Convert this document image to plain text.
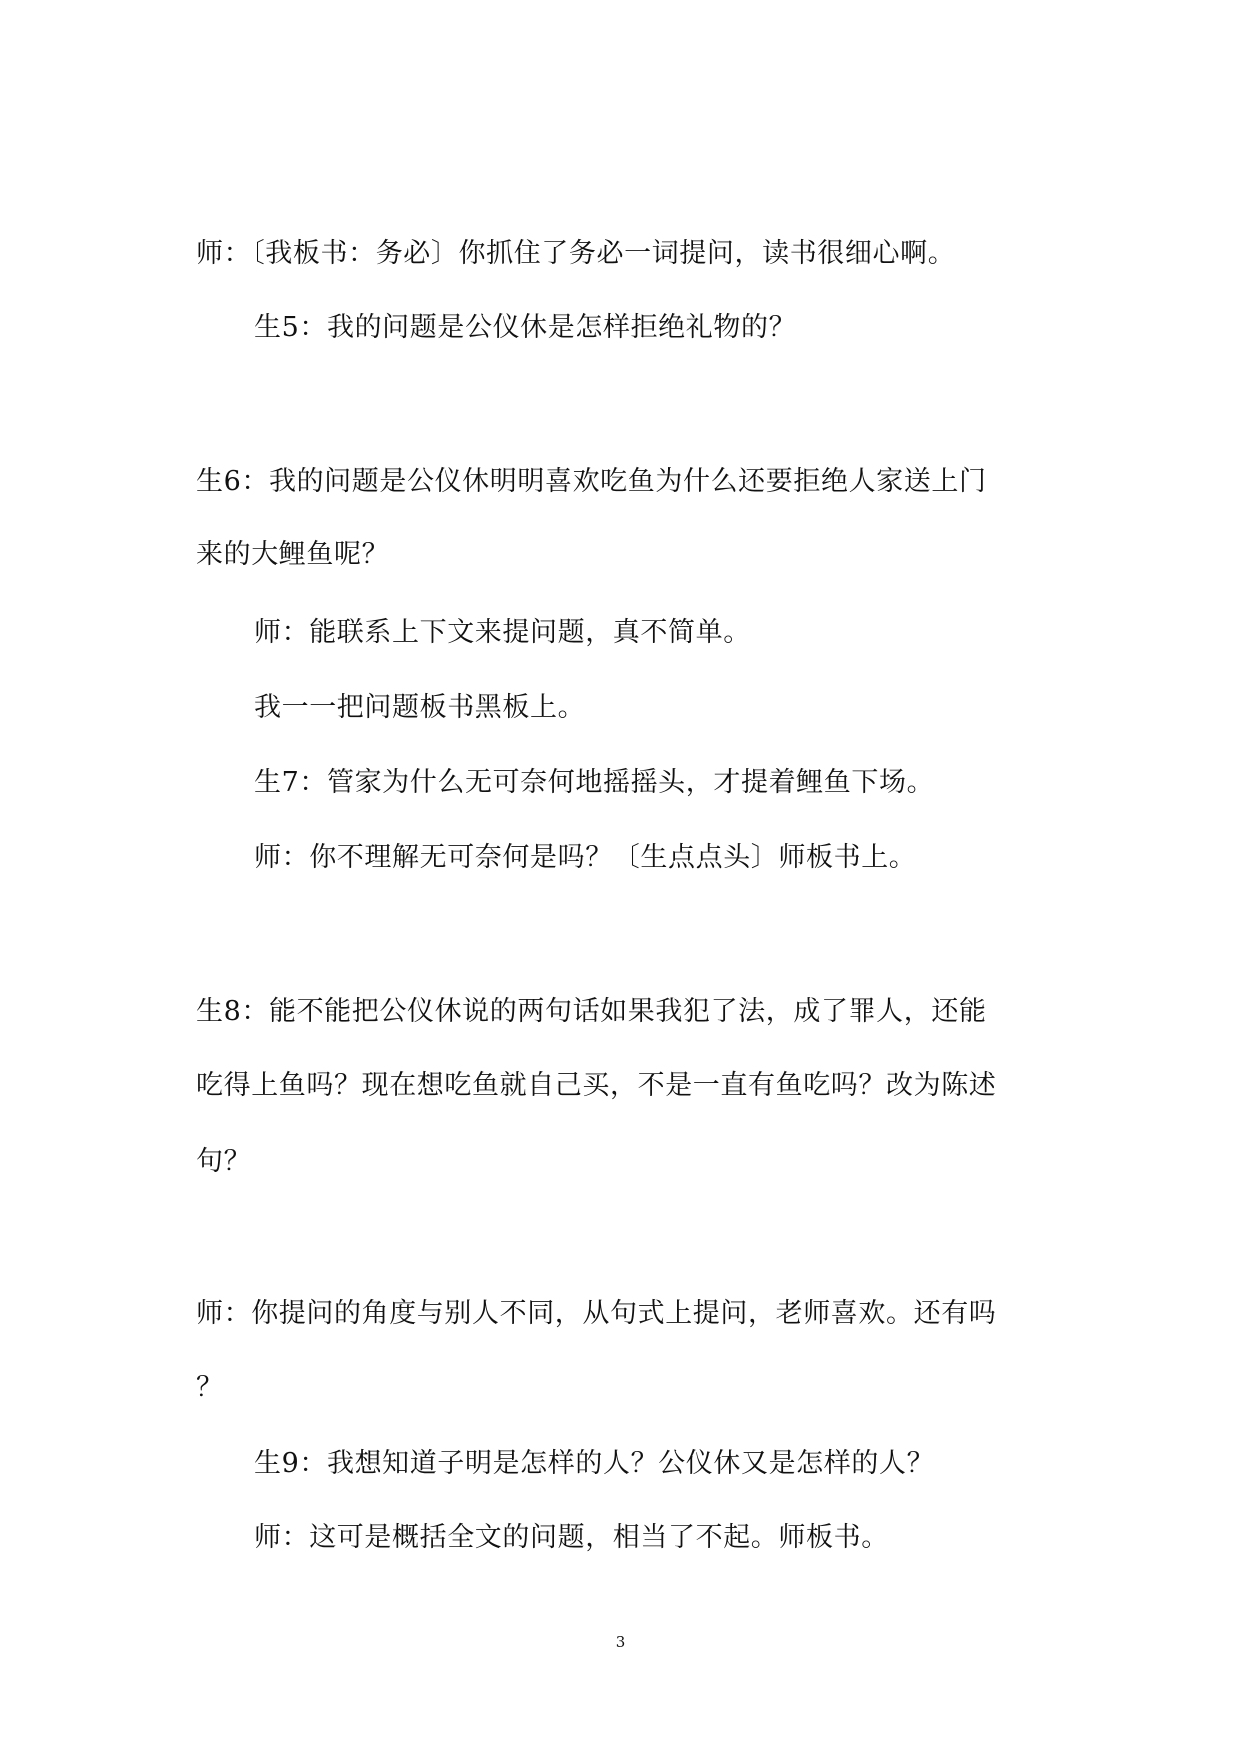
师：〔我板书：务必〕你抓住了务必一词提问，读书很细心啊。
生5：我的问题是公仪休是怎样拒绝礼物的？
生6：我的问题是公仪休明明喜欢吃鱼为什么还要拒绝人家送上门
来的大鲤鱼呢？
师：能联系上下文来提问题，真不简单。
我一一把问题板书黑板上。
生7：管家为什么无可奈何地摇摇头，才提着鲤鱼下场。
师：你不理解无可奈何是吗？〔生点点头〕师板书上。
生8：能不能把公仪休说的两句话如果我犯了法，成了罪人，还能
吃得上鱼吗？现在想吃鱼就自己买，不是一直有鱼吃吗？改为陈述
句？
师：你提问的角度与别人不同，从句式上提问，老师喜欢。还有吗
？
生9：我想知道子明是怎样的人？公仪休又是怎样的人？
师：这可是概括全文的问题，相当了不起。师板书。
3
